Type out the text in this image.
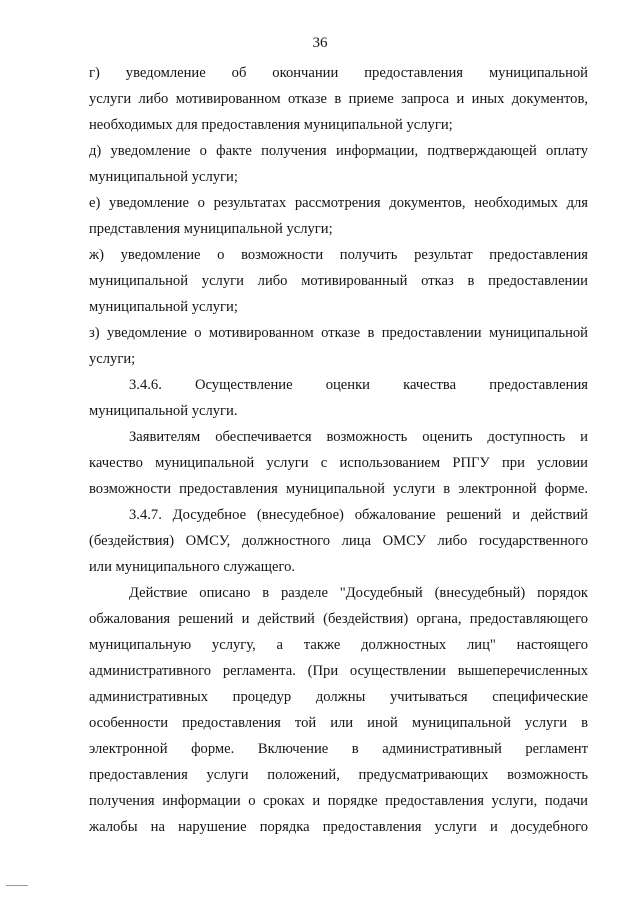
36
г) уведомление об окончании предоставления муниципальной
услуги либо мотивированном отказе в приеме запроса и иных документов,
необходимых для предоставления муниципальной услуги;
д) уведомление о факте получения информации, подтверждающей оплату
муниципальной услуги;
е) уведомление о результатах рассмотрения документов, необходимых для
представления муниципальной услуги;
ж) уведомление о возможности получить результат предоставления
муниципальной услуги либо мотивированный отказ в предоставлении
муниципальной услуги;
з) уведомление о мотивированном отказе в предоставлении муниципальной
услуги;
3.4.6. Осуществление оценки качества предоставления
муниципальной услуги.
Заявителям обеспечивается возможность оценить доступность и
качество муниципальной услуги с использованием РПГУ при условии
возможности предоставления муниципальной услуги в электронной форме.
3.4.7. Досудебное (внесудебное) обжалование решений и действий
(бездействия) ОМСУ, должностного лица ОМСУ либо государственного
или муниципального служащего.
Действие описано в разделе "Досудебный (внесудебный) порядок
обжалования решений и действий (бездействия) органа, предоставляющего
муниципальную услугу, а также должностных лиц" настоящего
административного регламента. (При осуществлении вышеперечисленных
административных процедур должны учитываться специфические
особенности предоставления той или иной муниципальной услуги в
электронной форме. Включение в административный регламент
предоставления услуги положений, предусматривающих возможность
получения информации о сроках и порядке предоставления услуги, подачи
жалобы на нарушение порядка предоставления услуги и досудебного
